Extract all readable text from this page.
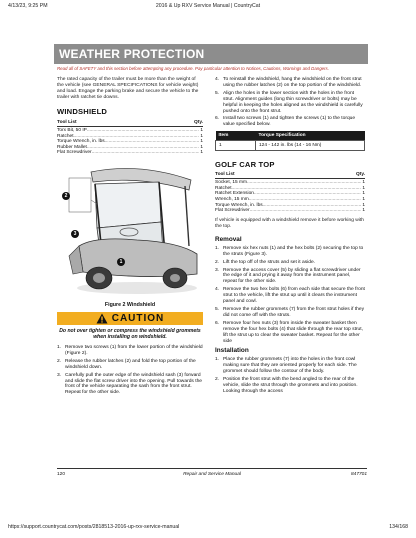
4/13/23, 9:25 PM	2016 & Up RXV Service Manual | CountryCat
WEATHER PROTECTION
Read all of SAFETY and this section before attempting any procedure. Pay particular attention to Notices, Cautions, Warnings and Dangers.

The rated capacity of the trailer must be more than the weight of the vehicle (see GENERAL SPECIFICATIONS for vehicle weight) and load. Engage the parking brake and secure the vehicle to the trailer with ratchet tie downs.

WINDSHIELD
Tool List	Qty.
Torx Bit, 50 IP .....	1
Ratchet .....	1
Torque Wrench, in. lbs .....	1
Rubber Mallet .....	1
Flat Screwdriver .....	1
2
3
1
Figure 2 Windshield
CAUTION
Do not over tighten or compress the windshield grommets when installing on windshield.
1. Remove two screws (1) from the lower portion of the windshield (Figure 2).
2. Release the rubber latches (2) and fold the top portion of the windshield down.
3. Carefully pull the outer edge of the windshield sash (3) forward and slide the flat screw driver into the opening. Pull towards the front of the vehicle separating the sash from the front strut. Repeat for the other side.
4. To reinstall the windshield, hang the windshield on the front strut using the rubber latches (2) on the top portion of the windshield.
5. Align the holes in the lower section with the holes in the front strut. Alignment guides (long thin screwdriver or bolts) may be helpful in keeping the holes aligned as the windshield is carefully pushed onto the front strut.
6. Install two screws (1) and tighten the screws (1) to the torque value specified below.
Item	Torque Specification
1	124 - 142 in. lbs (14 - 16 Nm)
GOLF CAR TOP
Tool List	Qty.
Socket, 15 mm .....	1
Ratchet .....	1
Ratchet Extension .....	1
Wrench, 15 mm .....	1
Torque Wrench, in. lbs .....	1
Flat Screwdriver .....	1

If vehicle is equipped with a windshield remove it before working with the top.

Removal
1. Remove six hex nuts (1) and the hex bolts (2) securing the top to the struts (Figure 3).
2. Lift the top off of the struts and set it aside.
3. Remove the access cover (5) by sliding a flat screwdriver under the edge of it and prying it away from the instrument panel, repeat for the other side.
4. Remove the two hex bolts (6) from each side that secure the front strut to the vehicle, lift the strut up until it clears the instrument panel and cowl.
5. Remove the rubber grommets (7) from the front strut holes if they did not come off with the struts.
6. Remove four hex nuts (3) from inside the sweater basket then remove the four hex bolts (4) that slide through the rear top strut, lift the strut up to clear the sweater basket. Repeat for the other side
Installation
1. Place the rubber grommets (7) into the holes in the front cowl making sure that they are oriented properly for each side. The grommet should follow the contour of the body.
2. Position the front strut with the bend angled to the rear of the vehicle, slide the strut through the grommets and into position. Looking through the access
120	Repair and Service Manual	847701
https://support.countrycat.com/posts/2818513-2016-up-rxv-service-manual	134/168
